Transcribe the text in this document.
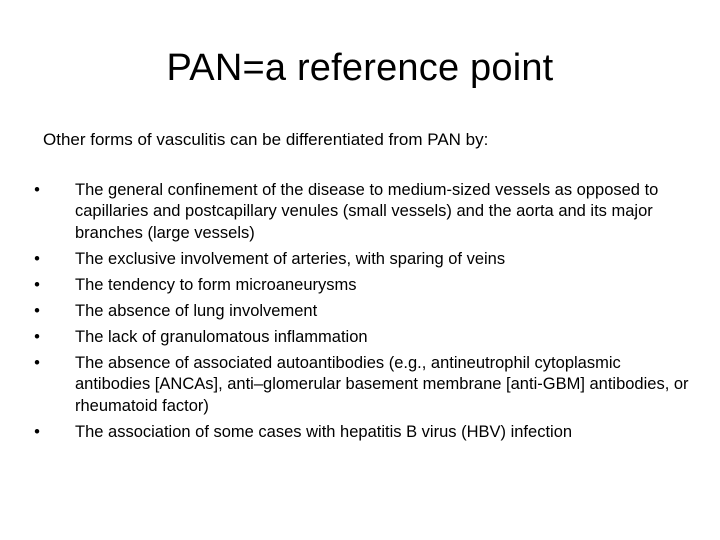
PAN=a reference point
Other forms of vasculitis can be differentiated from PAN by:
• The general confinement of the disease to medium-sized vessels as opposed to capillaries and postcapillary venules (small vessels) and the aorta and its major branches (large vessels)
• The exclusive involvement of arteries, with sparing of veins
• The tendency to form microaneurysms
• The absence of lung involvement
• The lack of granulomatous inflammation
• The absence of associated autoantibodies (e.g., antineutrophil cytoplasmic antibodies [ANCAs], anti–glomerular basement membrane [anti-GBM] antibodies, or rheumatoid factor)
• The association of some cases with hepatitis B virus (HBV) infection
